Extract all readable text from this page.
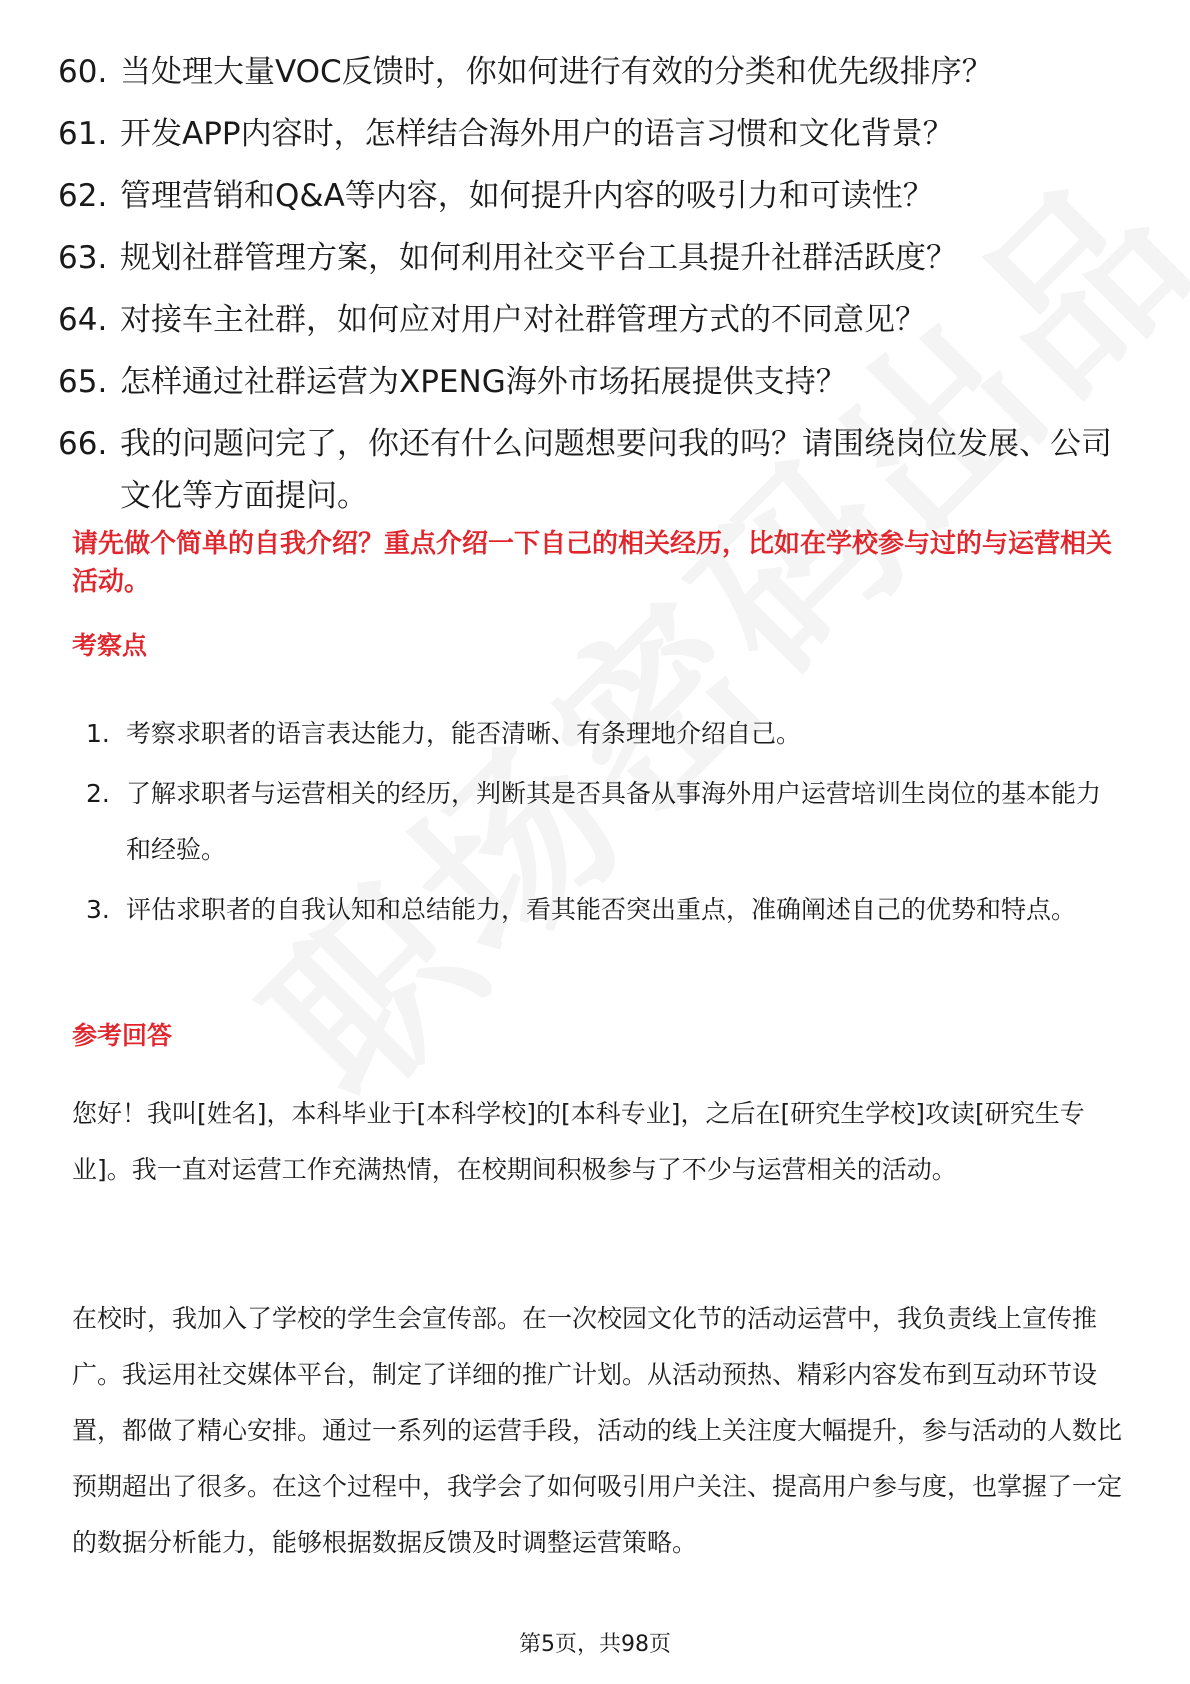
60. 当处理大量VOC反馈时，你如何进行有效的分类和优先级排序？
61. 开发APP内容时，怎样结合海外用户的语言习惯和文化背景？
62. 管理营销和Q&A等内容，如何提升内容的吸引力和可读性？
63. 规划社群管理方案，如何利用社交平台工具提升社群活跃度？
64. 对接车主社群，如何应对用户对社群管理方式的不同意见？
65. 怎样通过社群运营为XPENG海外市场拓展提供支持？
66. 我的问题问完了，你还有什么问题想要问我的吗？请围绕岗位发展、公司文化等方面提问。
请先做个简单的自我介绍？重点介绍一下自己的相关经历，比如在学校参与过的与运营相关活动。
考察点
1. 考察求职者的语言表达能力，能否清晰、有条理地介绍自己。
2. 了解求职者与运营相关的经历，判断其是否具备从事海外用户运营培训生岗位的基本能力和经验。
3. 评估求职者的自我认知和总结能力，看其能否突出重点，准确阐述自己的优势和特点。
参考回答

您好！我叫[姓名]，本科毕业于[本科学校]的[本科专业]，之后在[研究生学校]攻读[研究生专业]。我一直对运营工作充满热情，在校期间积极参与了不少与运营相关的活动。

在校时，我加入了学校的学生会宣传部。在一次校园文化节的活动运营中，我负责线上宣传推广。我运用社交媒体平台，制定了详细的推广计划。从活动预热、精彩内容发布到互动环节设置，都做了精心安排。通过一系列的运营手段，活动的线上关注度大幅提升，参与活动的人数比预期超出了很多。在这个过程中，我学会了如何吸引用户关注、提高用户参与度，也掌握了一定的数据分析能力，能够根据数据反馈及时调整运营策略。

第5页，共98页
